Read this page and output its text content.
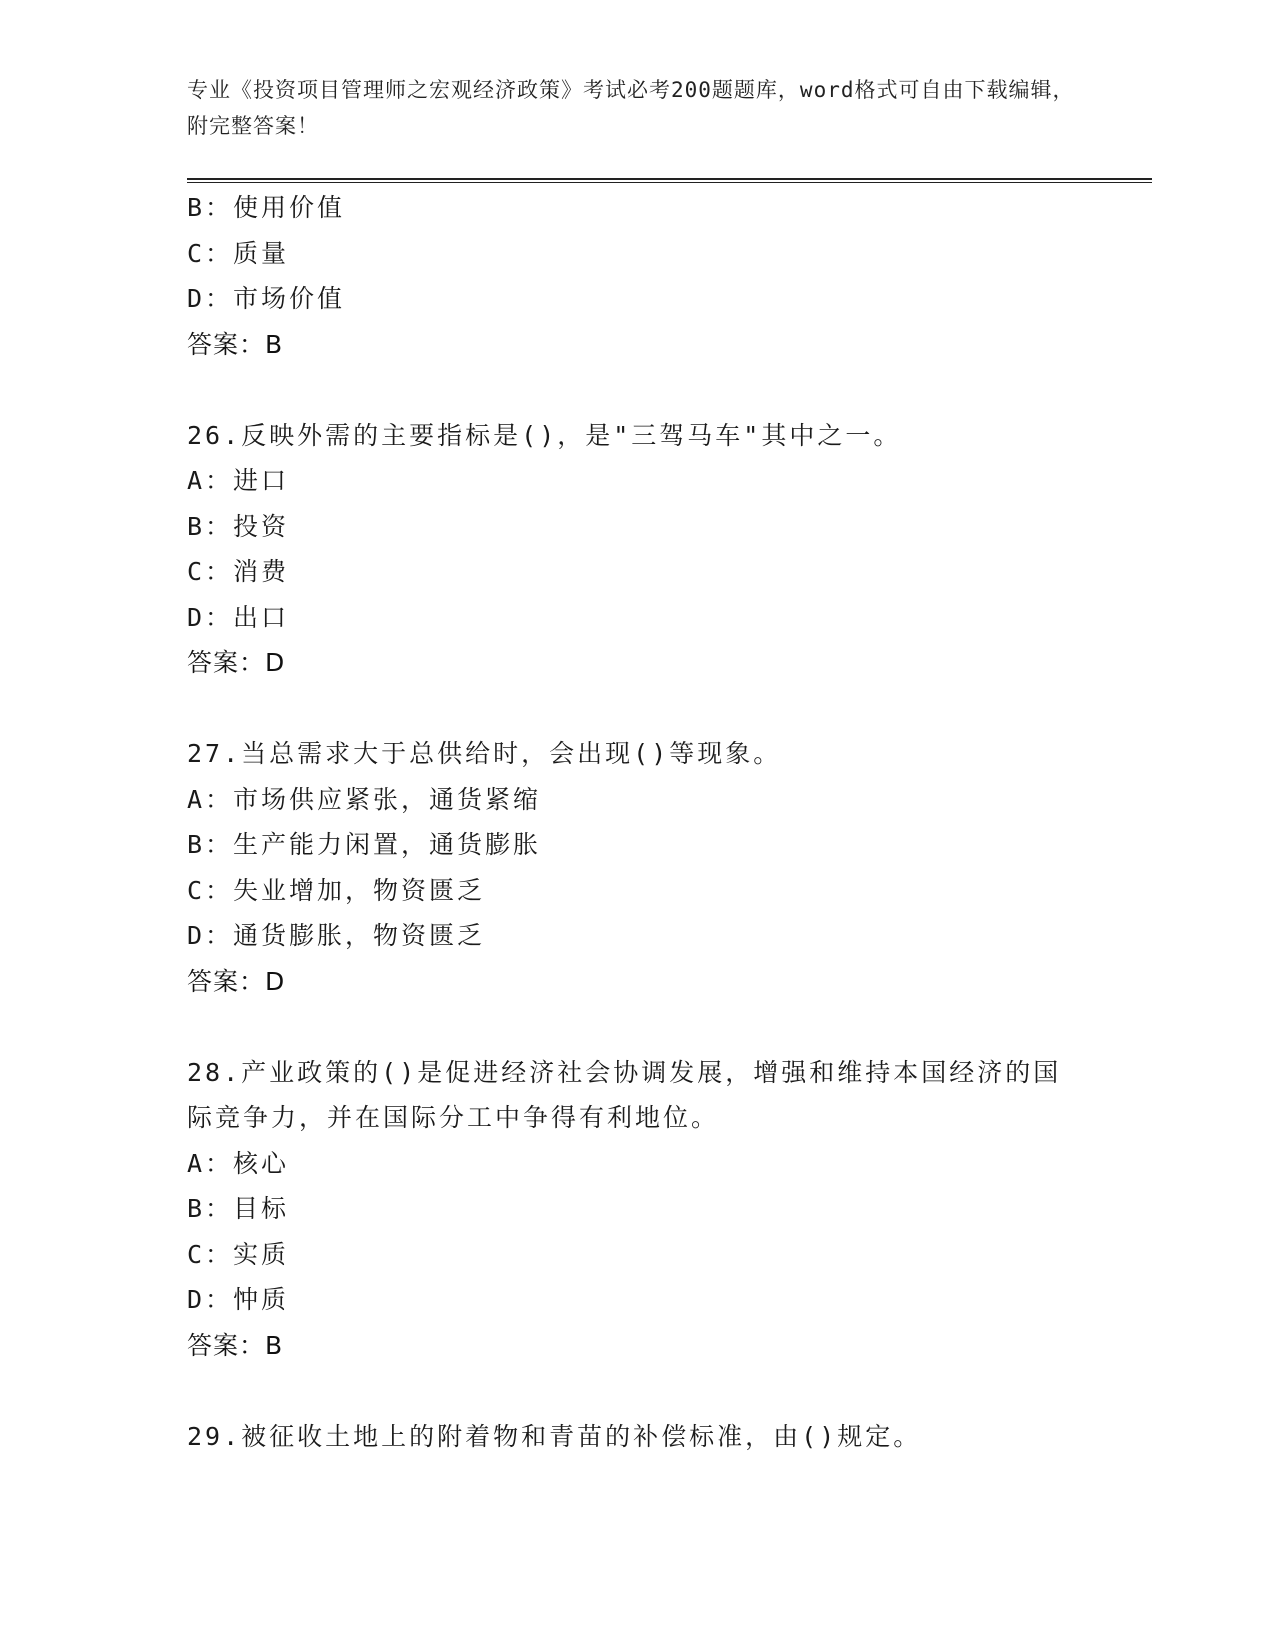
专业《投资项目管理师之宏观经济政策》考试必考200题题库，word格式可自由下载编辑，附完整答案！
B：使用价值
C：质量
D：市场价值
答案：B
26.反映外需的主要指标是()，是"三驾马车"其中之一。
A：进口
B：投资
C：消费
D：出口
答案：D
27.当总需求大于总供给时，会出现()等现象。
A：市场供应紧张，通货紧缩
B：生产能力闲置，通货膨胀
C：失业增加，物资匮乏
D：通货膨胀，物资匮乏
答案：D
28.产业政策的()是促进经济社会协调发展，增强和维持本国经济的国
际竞争力，并在国际分工中争得有利地位。
A：核心
B：目标
C：实质
D：忡质
答案：B
29.被征收土地上的附着物和青苗的补偿标准，由()规定。
